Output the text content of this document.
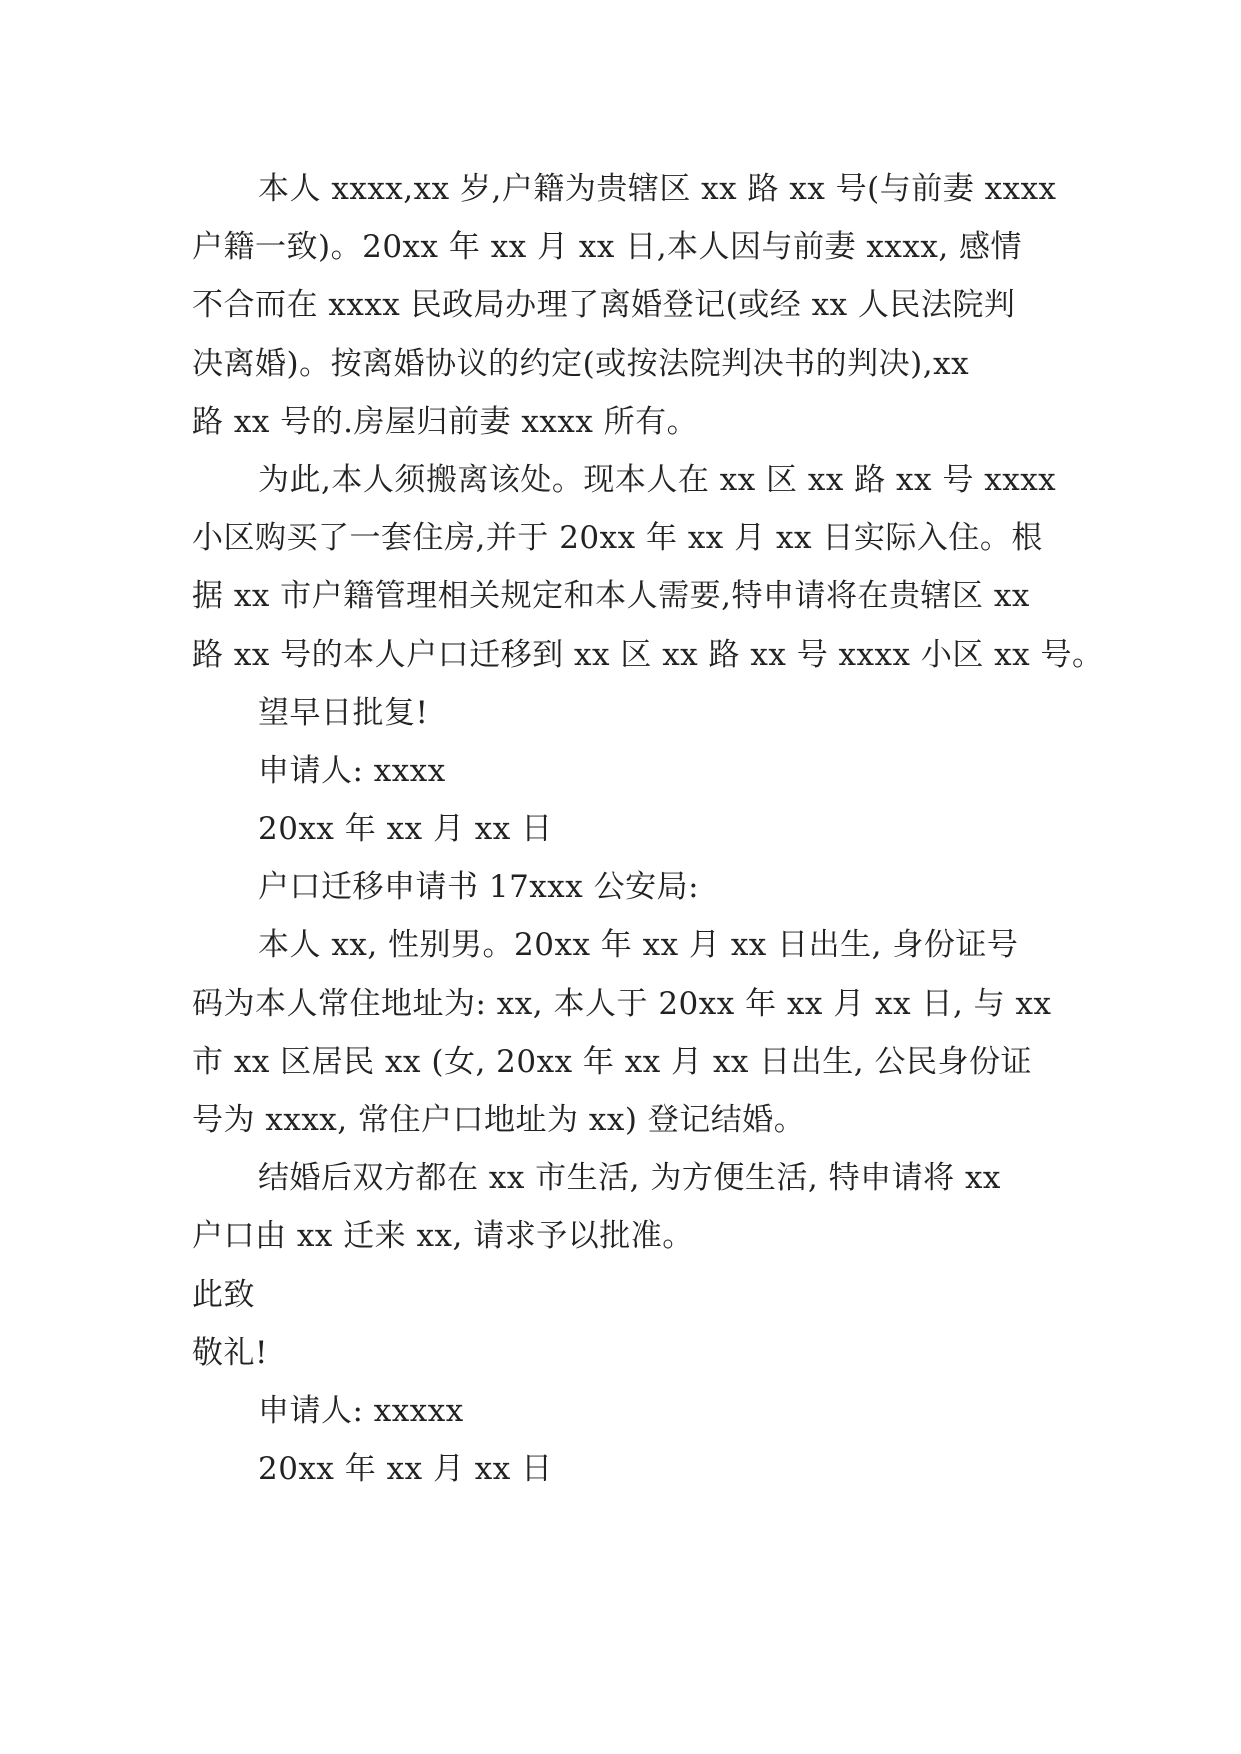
本人 xxxx,xx 岁,户籍为贵辖区 xx 路 xx 号(与前妻 xxxx
户籍一致)。20xx 年 xx 月 xx 日,本人因与前妻 xxxx, 感情
不合而在 xxxx 民政局办理了离婚登记(或经 xx 人民法院判
决离婚)。按离婚协议的约定(或按法院判决书的判决),xx
路 xx 号的.房屋归前妻 xxxx 所有。
为此,本人须搬离该处。现本人在 xx 区 xx 路 xx 号 xxxx
小区购买了一套住房,并于 20xx 年 xx 月 xx 日实际入住。根
据 xx 市户籍管理相关规定和本人需要,特申请将在贵辖区 xx
路 xx 号的本人户口迁移到 xx 区 xx 路 xx 号 xxxx 小区 xx 号。
望早日批复!
申请人: xxxx
20xx 年 xx 月 xx 日
户口迁移申请书 17xxx 公安局:
本人 xx, 性别男。20xx 年 xx 月 xx 日出生, 身份证号
码为本人常住地址为: xx, 本人于 20xx 年 xx 月 xx 日, 与 xx
市 xx 区居民 xx (女, 20xx 年 xx 月 xx 日出生, 公民身份证
号为 xxxx, 常住户口地址为 xx) 登记结婚。
结婚后双方都在 xx 市生活, 为方便生活, 特申请将 xx
户口由 xx 迁来 xx, 请求予以批准。
此致
敬礼!
申请人: xxxxx
20xx 年 xx 月 xx 日
